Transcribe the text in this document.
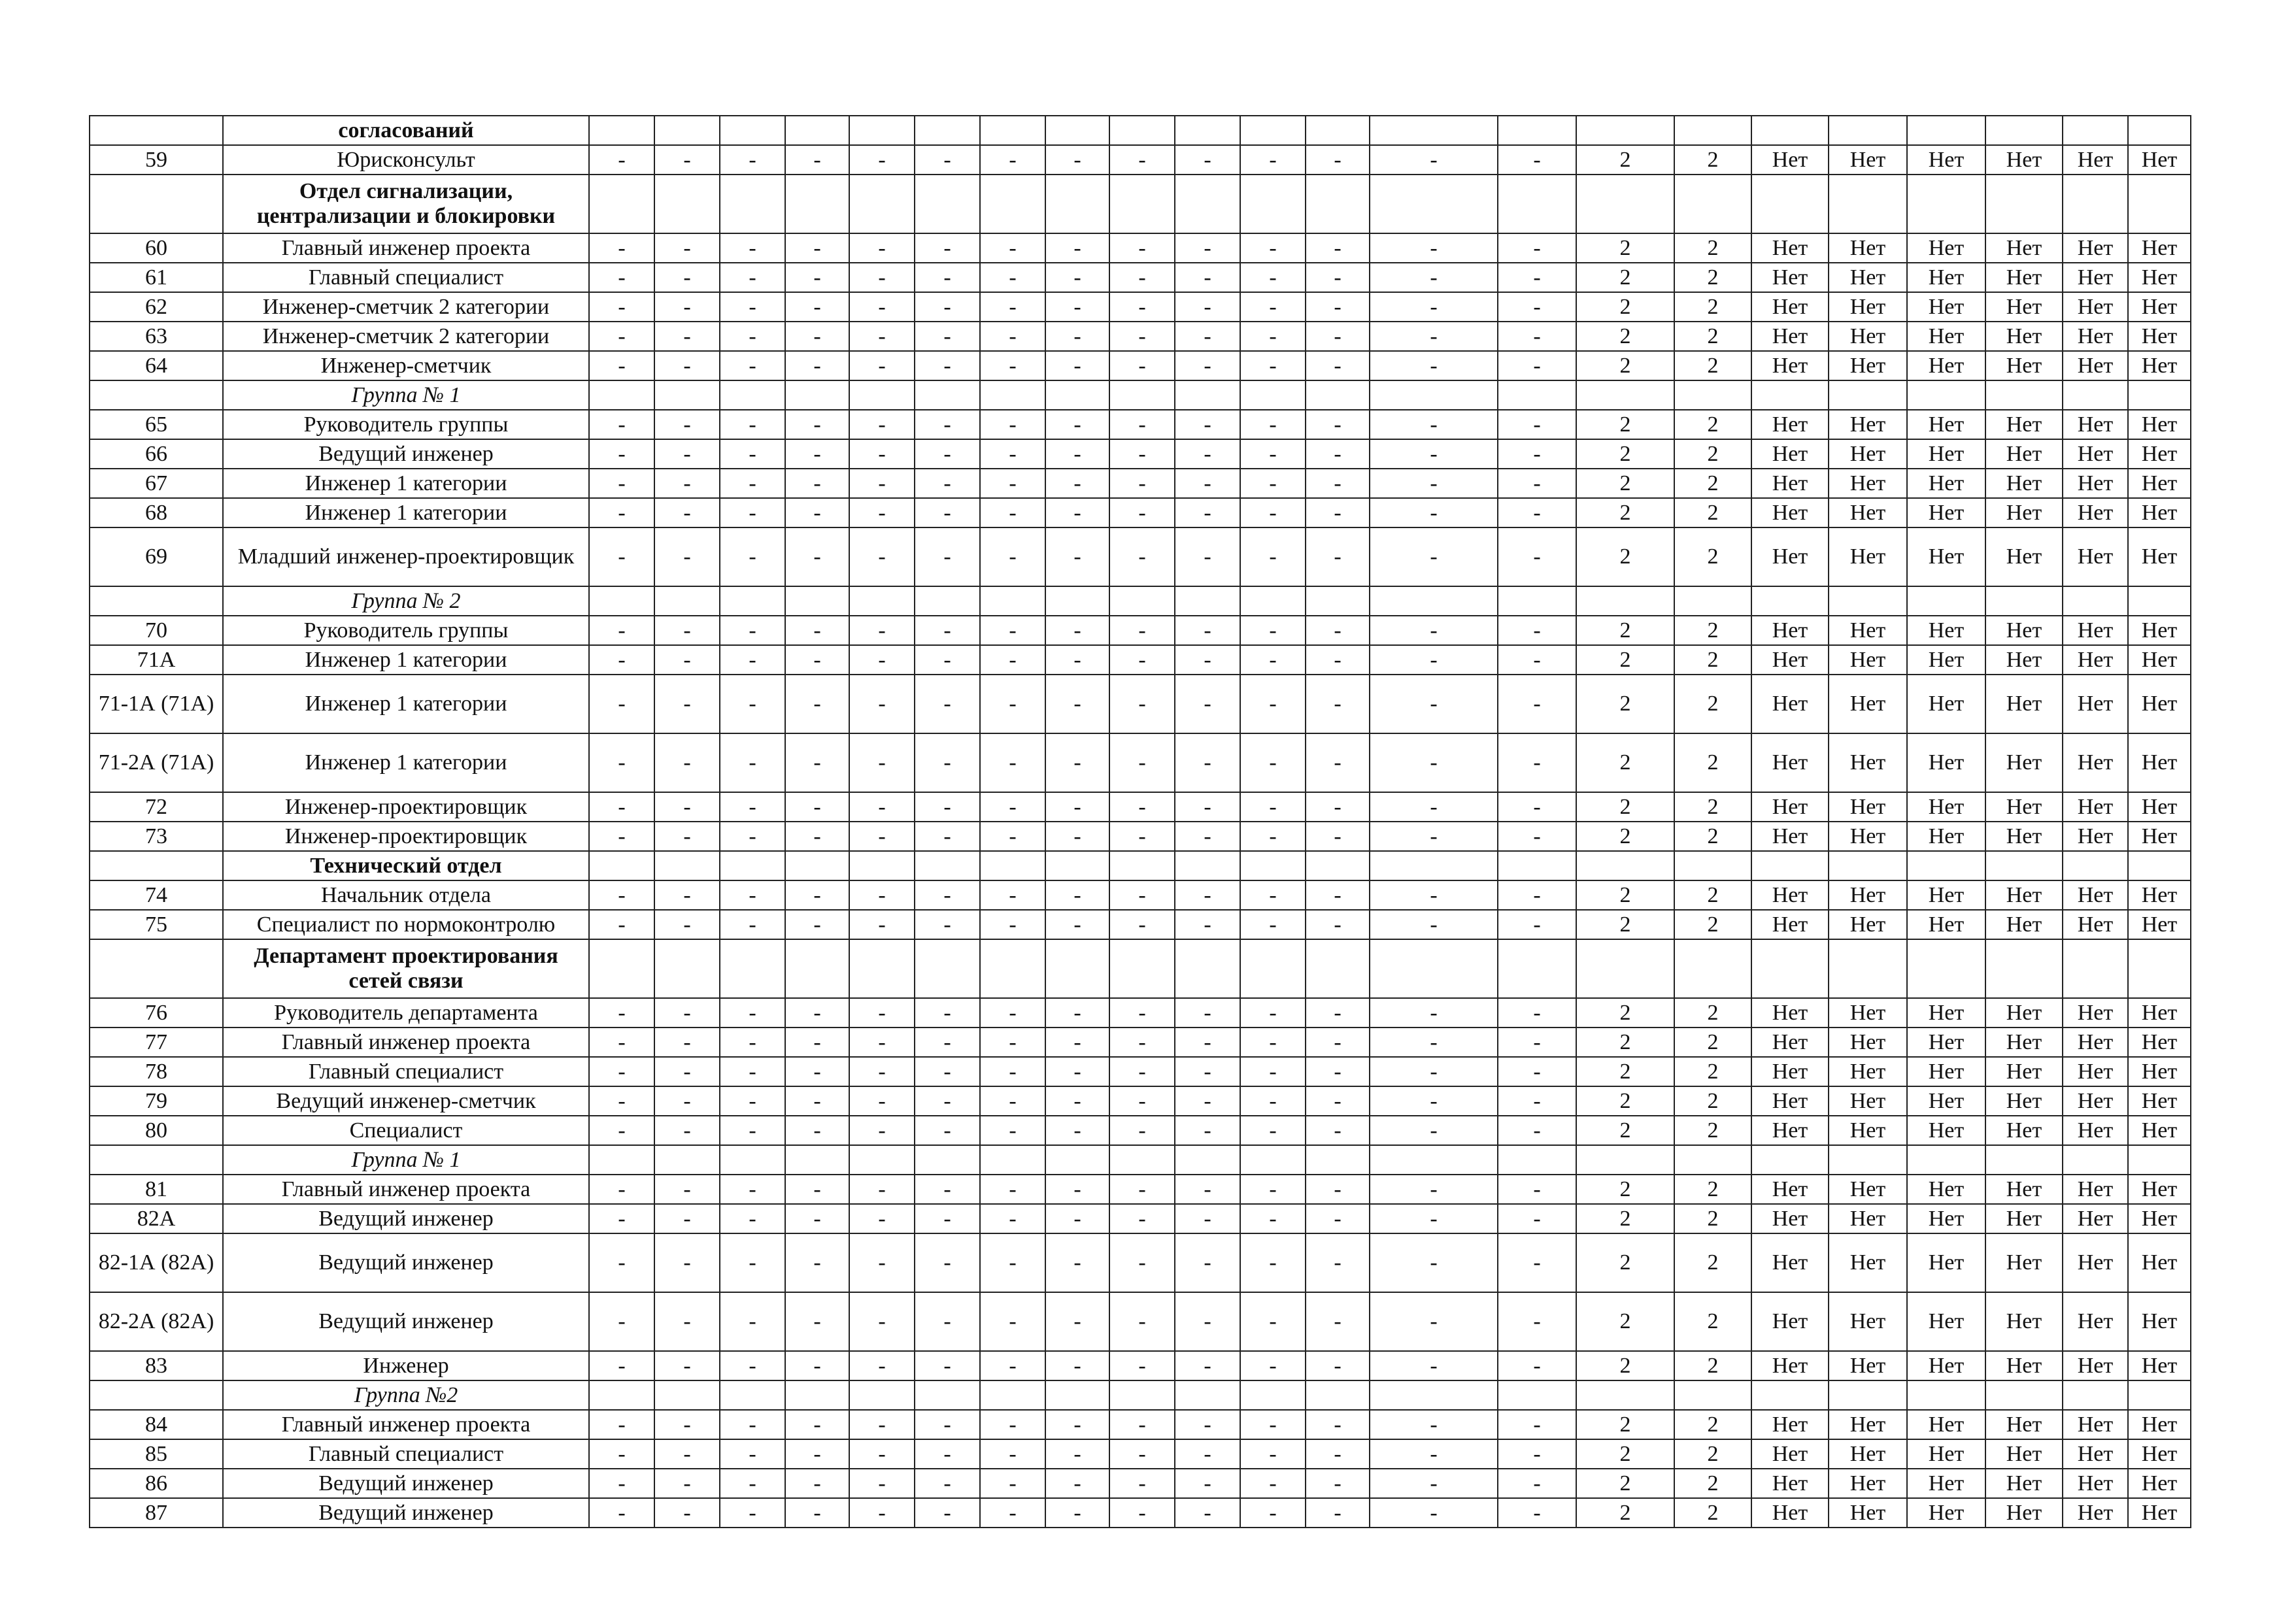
	согласований																						
59	Юрисконсульт	-	-	-	-	-	-	-	-	-	-	-	-	-	-	2	2	Нет	Нет	Нет	Нет	Нет	Нет
	Отдел сигнализации, централизации и блокировки																						
60	Главный инженер проекта	-	-	-	-	-	-	-	-	-	-	-	-	-	-	2	2	Нет	Нет	Нет	Нет	Нет	Нет
61	Главный специалист	-	-	-	-	-	-	-	-	-	-	-	-	-	-	2	2	Нет	Нет	Нет	Нет	Нет	Нет
62	Инженер-сметчик 2 категории	-	-	-	-	-	-	-	-	-	-	-	-	-	-	2	2	Нет	Нет	Нет	Нет	Нет	Нет
63	Инженер-сметчик 2 категории	-	-	-	-	-	-	-	-	-	-	-	-	-	-	2	2	Нет	Нет	Нет	Нет	Нет	Нет
64	Инженер-сметчик	-	-	-	-	-	-	-	-	-	-	-	-	-	-	2	2	Нет	Нет	Нет	Нет	Нет	Нет
	Группа № 1																						
65	Руководитель группы	-	-	-	-	-	-	-	-	-	-	-	-	-	-	2	2	Нет	Нет	Нет	Нет	Нет	Нет
66	Ведущий инженер	-	-	-	-	-	-	-	-	-	-	-	-	-	-	2	2	Нет	Нет	Нет	Нет	Нет	Нет
67	Инженер 1 категории	-	-	-	-	-	-	-	-	-	-	-	-	-	-	2	2	Нет	Нет	Нет	Нет	Нет	Нет
68	Инженер 1 категории	-	-	-	-	-	-	-	-	-	-	-	-	-	-	2	2	Нет	Нет	Нет	Нет	Нет	Нет
69	Младший инженер-проектировщик	-	-	-	-	-	-	-	-	-	-	-	-	-	-	2	2	Нет	Нет	Нет	Нет	Нет	Нет
	Группа № 2																						
70	Руководитель группы	-	-	-	-	-	-	-	-	-	-	-	-	-	-	2	2	Нет	Нет	Нет	Нет	Нет	Нет
71А	Инженер 1 категории	-	-	-	-	-	-	-	-	-	-	-	-	-	-	2	2	Нет	Нет	Нет	Нет	Нет	Нет
71-1А (71А)	Инженер 1 категории	-	-	-	-	-	-	-	-	-	-	-	-	-	-	2	2	Нет	Нет	Нет	Нет	Нет	Нет
71-2А (71А)	Инженер 1 категории	-	-	-	-	-	-	-	-	-	-	-	-	-	-	2	2	Нет	Нет	Нет	Нет	Нет	Нет
72	Инженер-проектировщик	-	-	-	-	-	-	-	-	-	-	-	-	-	-	2	2	Нет	Нет	Нет	Нет	Нет	Нет
73	Инженер-проектировщик	-	-	-	-	-	-	-	-	-	-	-	-	-	-	2	2	Нет	Нет	Нет	Нет	Нет	Нет
	Технический отдел																						
74	Начальник отдела	-	-	-	-	-	-	-	-	-	-	-	-	-	-	2	2	Нет	Нет	Нет	Нет	Нет	Нет
75	Специалист по нормоконтролю	-	-	-	-	-	-	-	-	-	-	-	-	-	-	2	2	Нет	Нет	Нет	Нет	Нет	Нет
	Департамент проектирования сетей связи																						
76	Руководитель департамента	-	-	-	-	-	-	-	-	-	-	-	-	-	-	2	2	Нет	Нет	Нет	Нет	Нет	Нет
77	Главный инженер проекта	-	-	-	-	-	-	-	-	-	-	-	-	-	-	2	2	Нет	Нет	Нет	Нет	Нет	Нет
78	Главный специалист	-	-	-	-	-	-	-	-	-	-	-	-	-	-	2	2	Нет	Нет	Нет	Нет	Нет	Нет
79	Ведущий инженер-сметчик	-	-	-	-	-	-	-	-	-	-	-	-	-	-	2	2	Нет	Нет	Нет	Нет	Нет	Нет
80	Специалист	-	-	-	-	-	-	-	-	-	-	-	-	-	-	2	2	Нет	Нет	Нет	Нет	Нет	Нет
	Группа № 1																						
81	Главный инженер проекта	-	-	-	-	-	-	-	-	-	-	-	-	-	-	2	2	Нет	Нет	Нет	Нет	Нет	Нет
82А	Ведущий инженер	-	-	-	-	-	-	-	-	-	-	-	-	-	-	2	2	Нет	Нет	Нет	Нет	Нет	Нет
82-1А (82А)	Ведущий инженер	-	-	-	-	-	-	-	-	-	-	-	-	-	-	2	2	Нет	Нет	Нет	Нет	Нет	Нет
82-2А (82А)	Ведущий инженер	-	-	-	-	-	-	-	-	-	-	-	-	-	-	2	2	Нет	Нет	Нет	Нет	Нет	Нет
83	Инженер	-	-	-	-	-	-	-	-	-	-	-	-	-	-	2	2	Нет	Нет	Нет	Нет	Нет	Нет
	Группа №2																						
84	Главный инженер проекта	-	-	-	-	-	-	-	-	-	-	-	-	-	-	2	2	Нет	Нет	Нет	Нет	Нет	Нет
85	Главный специалист	-	-	-	-	-	-	-	-	-	-	-	-	-	-	2	2	Нет	Нет	Нет	Нет	Нет	Нет
86	Ведущий инженер	-	-	-	-	-	-	-	-	-	-	-	-	-	-	2	2	Нет	Нет	Нет	Нет	Нет	Нет
87	Ведущий инженер	-	-	-	-	-	-	-	-	-	-	-	-	-	-	2	2	Нет	Нет	Нет	Нет	Нет	Нет
